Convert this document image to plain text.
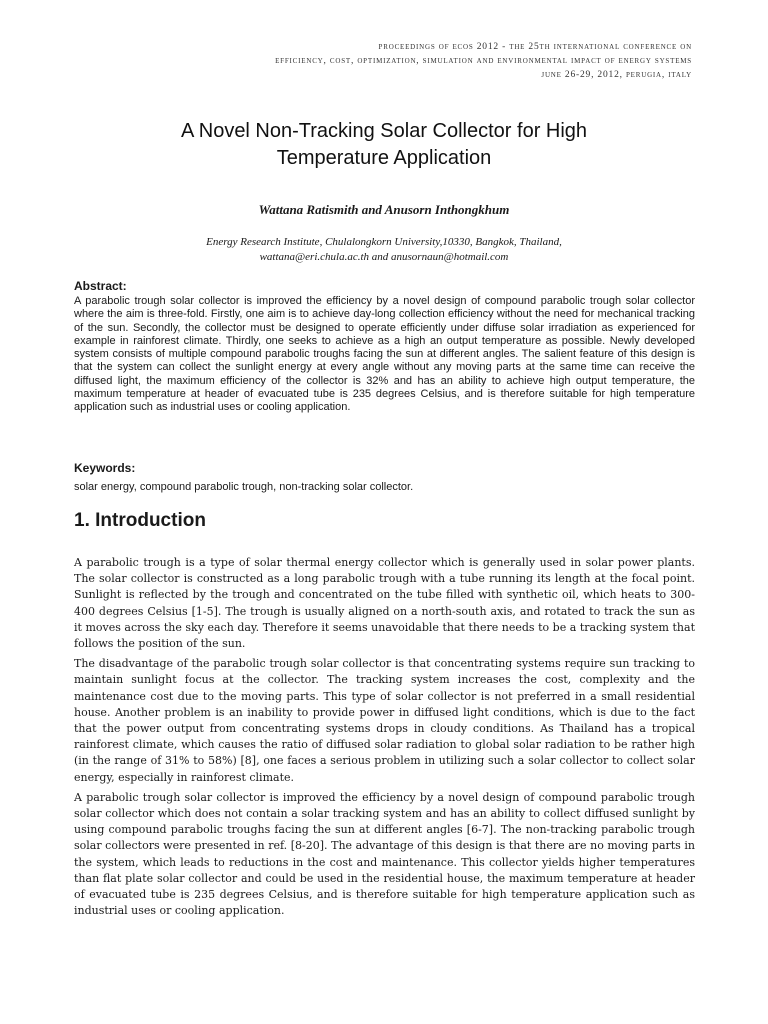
proceedings of ecos 2012 - the 25th international conference on
efficiency, cost, optimization, simulation and environmental impact of energy systems
june 26-29, 2012, perugia, italy
A Novel Non-Tracking Solar Collector for High
Temperature Application
Wattana Ratismith and Anusorn Inthongkhum
Energy Research Institute, Chulalongkorn University,10330, Bangkok, Thailand,
wattana@eri.chula.ac.th and anusornaun@hotmail.com
Abstract:
A parabolic trough solar collector is improved the efficiency by a novel design of compound parabolic trough solar collector where the aim is three-fold. Firstly, one aim is to achieve day-long collection efficiency without the need for mechanical tracking of the sun. Secondly, the collector must be designed to operate efficiently under diffuse solar irradiation as experienced for example in rainforest climate. Thirdly, one seeks to achieve as a high an output temperature as possible. Newly developed system consists of multiple compound parabolic troughs facing the sun at different angles. The salient feature of this design is that the system can collect the sunlight energy at every angle without any moving parts at the same time can receive the diffused light, the maximum efficiency of the collector is 32% and has an ability to achieve high output temperature, the maximum temperature at header of evacuated tube is 235 degrees Celsius, and is therefore suitable for high temperature application such as industrial uses or cooling application.
Keywords:
solar energy, compound parabolic trough, non-tracking solar collector.
1. Introduction

A parabolic trough is a type of solar thermal energy collector which is generally used in solar power plants. The solar collector is constructed as a long parabolic trough with a tube running its length at the focal point. Sunlight is reflected by the trough and concentrated on the tube filled with synthetic oil, which heats to 300-400 degrees Celsius [1-5]. The trough is usually aligned on a north-south axis, and rotated to track the sun as it moves across the sky each day. Therefore it seems unavoidable that there needs to be a tracking system that follows the position of the sun.

The disadvantage of the parabolic trough solar collector is that concentrating systems require sun tracking to maintain sunlight focus at the collector. The tracking system increases the cost, complexity and the maintenance cost due to the moving parts. This type of solar collector is not preferred in a small residential house. Another problem is an inability to provide power in diffused light conditions, which is due to the fact that the power output from concentrating systems drops in cloudy conditions. As Thailand has a tropical rainforest climate, which causes the ratio of diffused solar radiation to global solar radiation to be rather high (in the range of 31% to 58%) [8], one faces a serious problem in utilizing such a solar collector to collect solar energy, especially in rainforest climate.

A parabolic trough solar collector is improved the efficiency by a novel design of compound parabolic trough solar collector which does not contain a solar tracking system and has an ability to collect diffused sunlight by using compound parabolic troughs facing the sun at different angles [6-7]. The non-tracking parabolic trough solar collectors were presented in ref. [8-20]. The advantage of this design is that there are no moving parts in the system, which leads to reductions in the cost and maintenance. This collector yields higher temperatures than flat plate solar collector and could be used in the residential house, the maximum temperature at header of evacuated tube is 235 degrees Celsius, and is therefore suitable for high temperature application such as industrial uses or cooling application.
